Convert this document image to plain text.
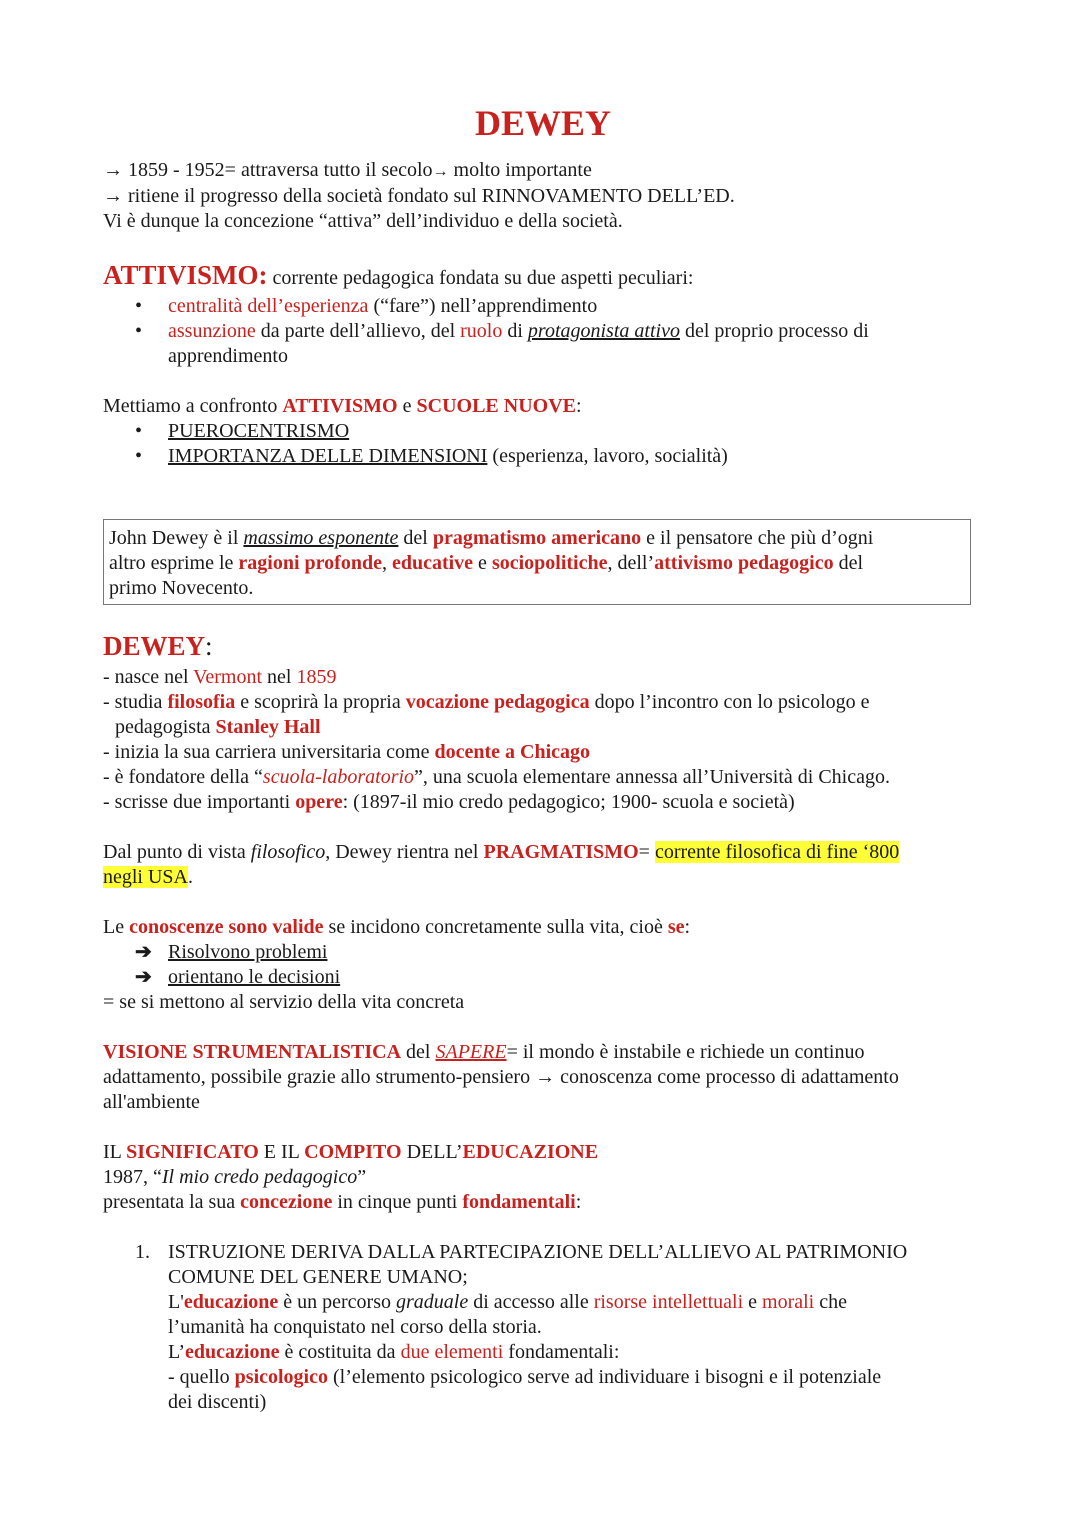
DEWEY
→ 1859 - 1952= attraversa tutto il secolo→ molto importante
→ ritiene il progresso della società fondato sul RINNOVAMENTO DELL’ED.
Vi è dunque la concezione “attiva” dell’individuo e della società.
ATTIVISMO: corrente pedagogica fondata su due aspetti peculiari:
• centralità dell’esperienza (“fare”) nell’apprendimento
• assunzione da parte dell’allievo, del ruolo di protagonista attivo del proprio processo di
apprendimento
Mettiamo a confronto ATTIVISMO e SCUOLE NUOVE:
• PUEROCENTRISMO
• IMPORTANZA DELLE DIMENSIONI (esperienza, lavoro, socialità)
John Dewey è il massimo esponente del pragmatismo americano e il pensatore che più d’ogni
altro esprime le ragioni profonde, educative e sociopolitiche, dell’attivismo pedagogico del
primo Novecento.
DEWEY:
- nasce nel Vermont nel 1859
- studia filosofia e scoprirà la propria vocazione pedagogica dopo l’incontro con lo psicologo e
pedagogista Stanley Hall
- inizia la sua carriera universitaria come docente a Chicago
- è fondatore della “scuola-laboratorio”, una scuola elementare annessa all’Università di Chicago.
- scrisse due importanti opere: (1897-il mio credo pedagogico; 1900- scuola e società)
Dal punto di vista filosofico, Dewey rientra nel PRAGMATISMO= corrente filosofica di fine ‘800
negli USA.
Le conoscenze sono valide se incidono concretamente sulla vita, cioè se:
➔ Risolvono problemi
➔ orientano le decisioni
= se si mettono al servizio della vita concreta
VISIONE STRUMENTALISTICA del SAPERE= il mondo è instabile e richiede un continuo
adattamento, possibile grazie allo strumento-pensiero → conoscenza come processo di adattamento
all'ambiente
IL SIGNIFICATO E IL COMPITO DELL’EDUCAZIONE
1987, “Il mio credo pedagogico”
presentata la sua concezione in cinque punti fondamentali:
1. ISTRUZIONE DERIVA DALLA PARTECIPAZIONE DELL’ALLIEVO AL PATRIMONIO
COMUNE DEL GENERE UMANO;
L'educazione è un percorso graduale di accesso alle risorse intellettuali e morali che
l’umanità ha conquistato nel corso della storia.
L’educazione è costituita da due elementi fondamentali:
- quello psicologico (l’elemento psicologico serve ad individuare i bisogni e il potenziale
dei discenti)
